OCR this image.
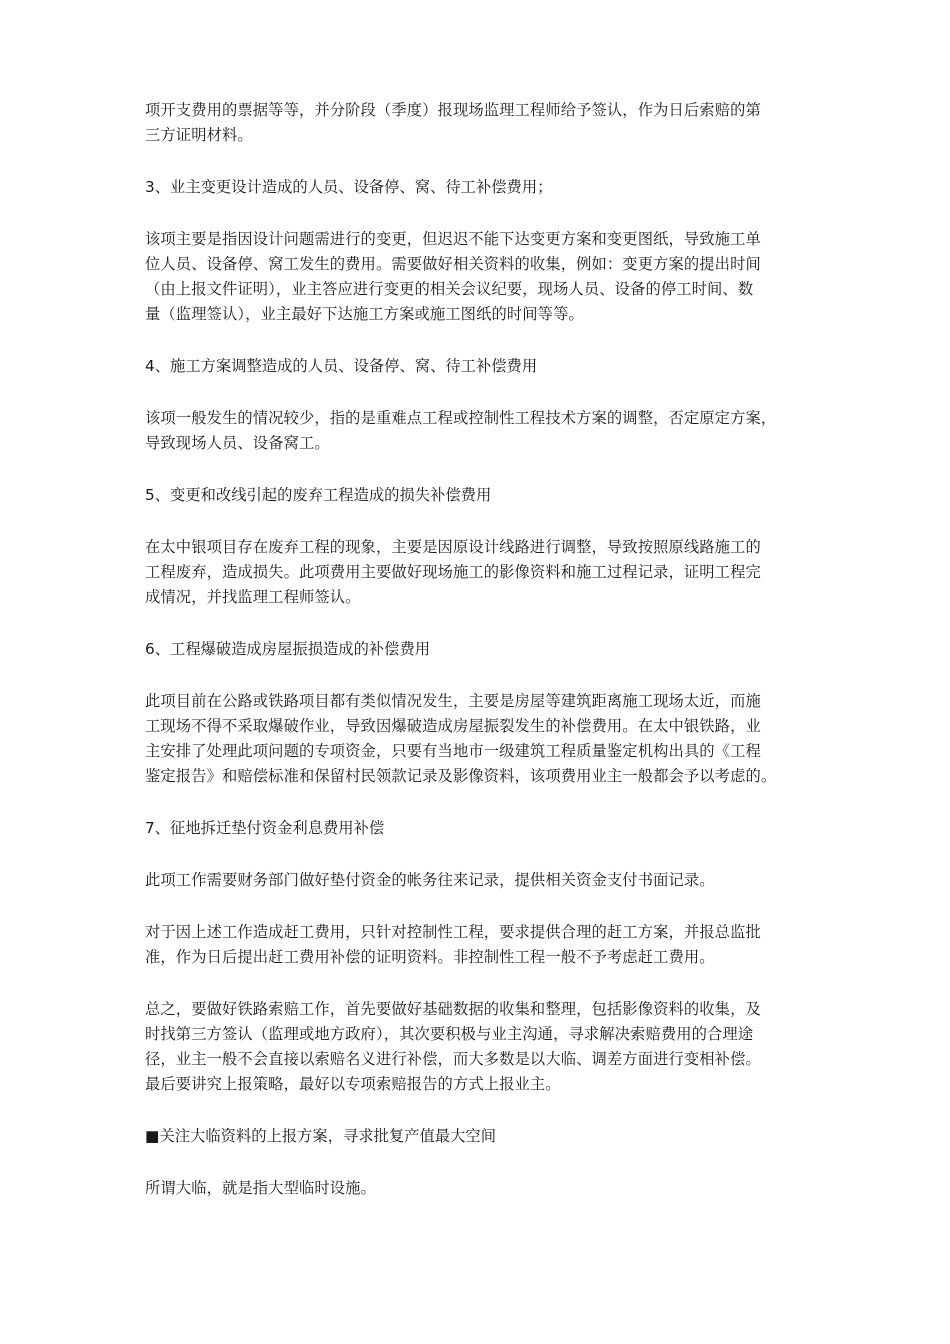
项开支费用的票据等等，并分阶段（季度）报现场监理工程师给予签认，作为日后索赔的第
三方证明材料。

3、业主变更设计造成的人员、设备停、窝、待工补偿费用；

该项主要是指因设计问题需进行的变更，但迟迟不能下达变更方案和变更图纸，导致施工单
位人员、设备停、窝工发生的费用。需要做好相关资料的收集，例如：变更方案的提出时间
（由上报文件证明），业主答应进行变更的相关会议纪要，现场人员、设备的停工时间、数
量（监理签认），业主最好下达施工方案或施工图纸的时间等等。

4、施工方案调整造成的人员、设备停、窝、待工补偿费用

该项一般发生的情况较少，指的是重难点工程或控制性工程技术方案的调整，否定原定方案，
导致现场人员、设备窝工。

5、变更和改线引起的废弃工程造成的损失补偿费用

在太中银项目存在废弃工程的现象，主要是因原设计线路进行调整，导致按照原线路施工的
工程废弃，造成损失。此项费用主要做好现场施工的影像资料和施工过程记录，证明工程完
成情况，并找监理工程师签认。

6、工程爆破造成房屋振损造成的补偿费用

此项目前在公路或铁路项目都有类似情况发生，主要是房屋等建筑距离施工现场太近，而施
工现场不得不采取爆破作业，导致因爆破造成房屋振裂发生的补偿费用。在太中银铁路，业
主安排了处理此项问题的专项资金，只要有当地市一级建筑工程质量鉴定机构出具的《工程
鉴定报告》和赔偿标准和保留村民领款记录及影像资料，该项费用业主一般都会予以考虑的。

7、征地拆迁垫付资金利息费用补偿

此项工作需要财务部门做好垫付资金的帐务往来记录，提供相关资金支付书面记录。

对于因上述工作造成赶工费用，只针对控制性工程，要求提供合理的赶工方案，并报总监批
准，作为日后提出赶工费用补偿的证明资料。非控制性工程一般不予考虑赶工费用。

总之，要做好铁路索赔工作，首先要做好基础数据的收集和整理，包括影像资料的收集，及
时找第三方签认（监理或地方政府），其次要积极与业主沟通，寻求解决索赔费用的合理途
径，业主一般不会直接以索赔名义进行补偿，而大多数是以大临、调差方面进行变相补偿。
最后要讲究上报策略，最好以专项索赔报告的方式上报业主。

■关注大临资料的上报方案，寻求批复产值最大空间

所谓大临，就是指大型临时设施。
